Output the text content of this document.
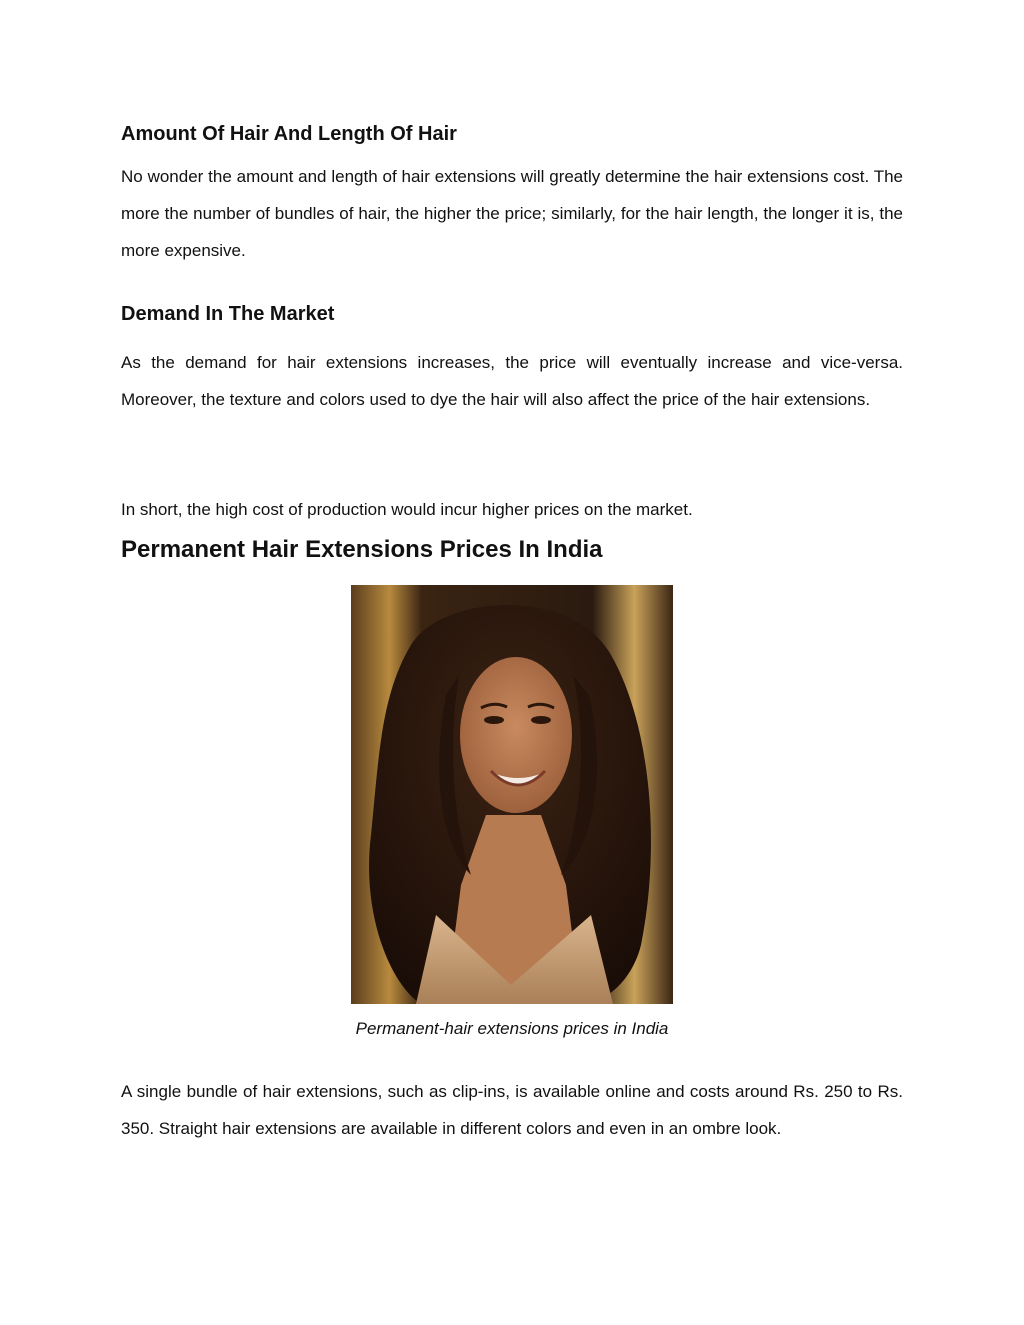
Amount Of Hair And Length Of Hair

No wonder the amount and length of hair extensions will greatly determine the hair extensions cost. The more the number of bundles of hair, the higher the price; similarly, for the hair length, the longer it is, the more expensive.

Demand In The Market

As the demand for hair extensions increases, the price will eventually increase and vice-versa. Moreover, the texture and colors used to dye the hair will also affect the price of the hair extensions.

In short, the high cost of production would incur higher prices on the market.

Permanent Hair Extensions Prices In India

A single bundle of hair extensions, such as clip-ins, is available online and costs around Rs. 250 to Rs. 350. Straight hair extensions are available in different colors and even in an ombre look.

Permanent-hair extensions prices in India
